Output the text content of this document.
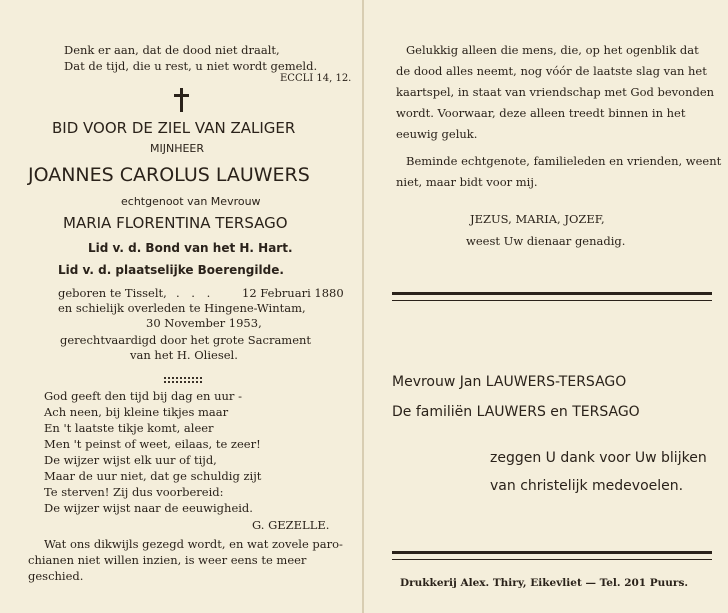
Denk er aan, dat de dood niet draalt,
Dat de tijd, die u rest, u niet wordt gemeld.
ECCLI 14, 12.
BID VOOR DE ZIEL VAN ZALIGER
MIJNHEER
JOANNES CAROLUS LAUWERS
echtgenoot van Mevrouw
MARIA FLORENTINA TERSAGO
Lid v. d. Bond van het H. Hart.
Lid v. d. plaatselijke Boerengilde.
geboren te Tisselt, . . . 12 Februari 1880
en schielijk overleden te Hingene-Wintam,
30 November 1953,
gerechtvaardigd door het grote Sacrament
van het H. Oliesel.
God geeft den tijd bij dag en uur -
Ach neen, bij kleine tikjes maar
En 't laatste tikje komt, aleer
Men 't peinst of weet, eilaas, te zeer!
De wijzer wijst elk uur of tijd,
Maar de uur niet, dat ge schuldig zijt
Te sterven! Zij dus voorbereid:
De wijzer wijst naar de eeuwigheid.
G. GEZELLE.
Wat ons dikwijls gezegd wordt, en wat zovele paro-
chianen niet willen inzien, is weer eens te meer
geschied.
Gelukkig alleen die mens, die, op het ogenblik dat
de dood alles neemt, nog vóór de laatste slag van het
kaartspel, in staat van vriendschap met God bevonden
wordt. Voorwaar, deze alleen treedt binnen in het
eeuwig geluk.
Beminde echtgenote, familieleden en vrienden, weent
niet, maar bidt voor mij.
JEZUS, MARIA, JOZEF,
weest Uw dienaar genadig.
Mevrouw Jan LAUWERS-TERSAGO
De familiën LAUWERS en TERSAGO
zeggen U dank voor Uw blijken
van christelijk medevoelen.
Drukkerij Alex. Thiry, Eikevliet — Tel. 201 Puurs.
